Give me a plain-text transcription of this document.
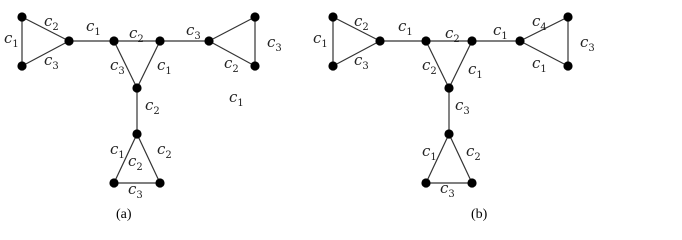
$c_1$
$c_2$
$c_3$
$c_1$ $c_2$
$c_3$	$c_3$
$c_2$
$c_3$ $c_1$
$c_2$
$c_1$ $c_2$
$c_3$
$c_1$
$c_2$
$c_1$
$c_2$
$c_3$
$c_1$ $c_2$
$c_1$	$c_3$
$c_4$
$c_2$ $c_1$
$c_3$
$c_1$ $c_2$
$c_3$
$c_1$
(a)	(b)
